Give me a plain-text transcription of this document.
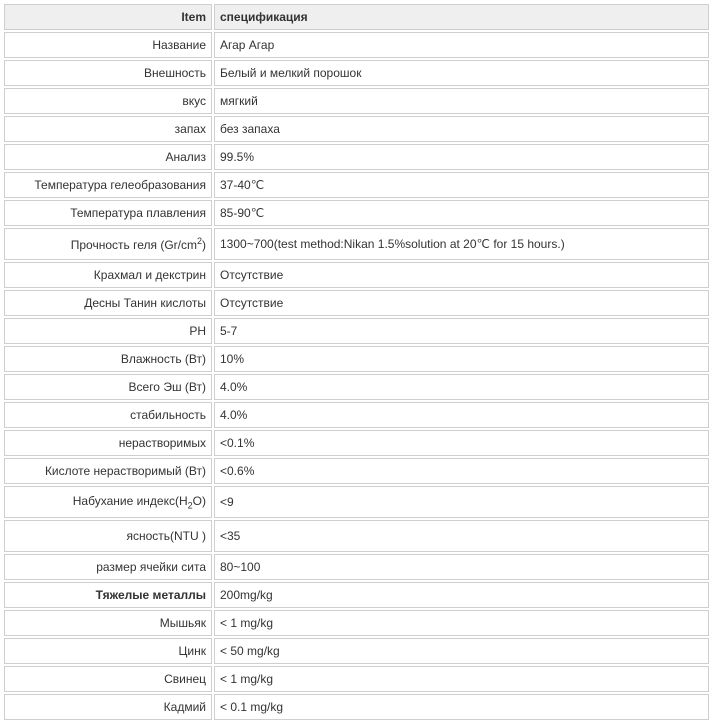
Item	спецификация
Название	Агар Агар
Внешность	Белый и мелкий порошок
вкус	мягкий
запах	без запаха
Анализ	99.5%
Температура гелеобразования	37-40℃
Температура плавления	85-90℃
Прочность геля $(Gr/cm^2)$	1300~700(test method:Nikan 1.5%solution at 20℃ for 15 hours.)
Крахмал и декстрин	Отсутствие
Десны Танин кислоты	Отсутствие
PH	5-7
Влажность (Вт)	10%
Всего Эш (Вт)	4.0%
стабильность	4.0%
нерастворимых	<0.1%
Кислоте нерастворимый (Вт)	<0.6%
Набухание $индекс(H_2O)$	<9
ясность(NTU )	<35
размер ячейки сита	80~100
Тяжелые металлы	200mg/kg
Мышьяк	< 1 mg/kg
Цинк	< 50 mg/kg
Свинец	< 1 mg/kg
Кадмий	< 0.1 mg/kg
